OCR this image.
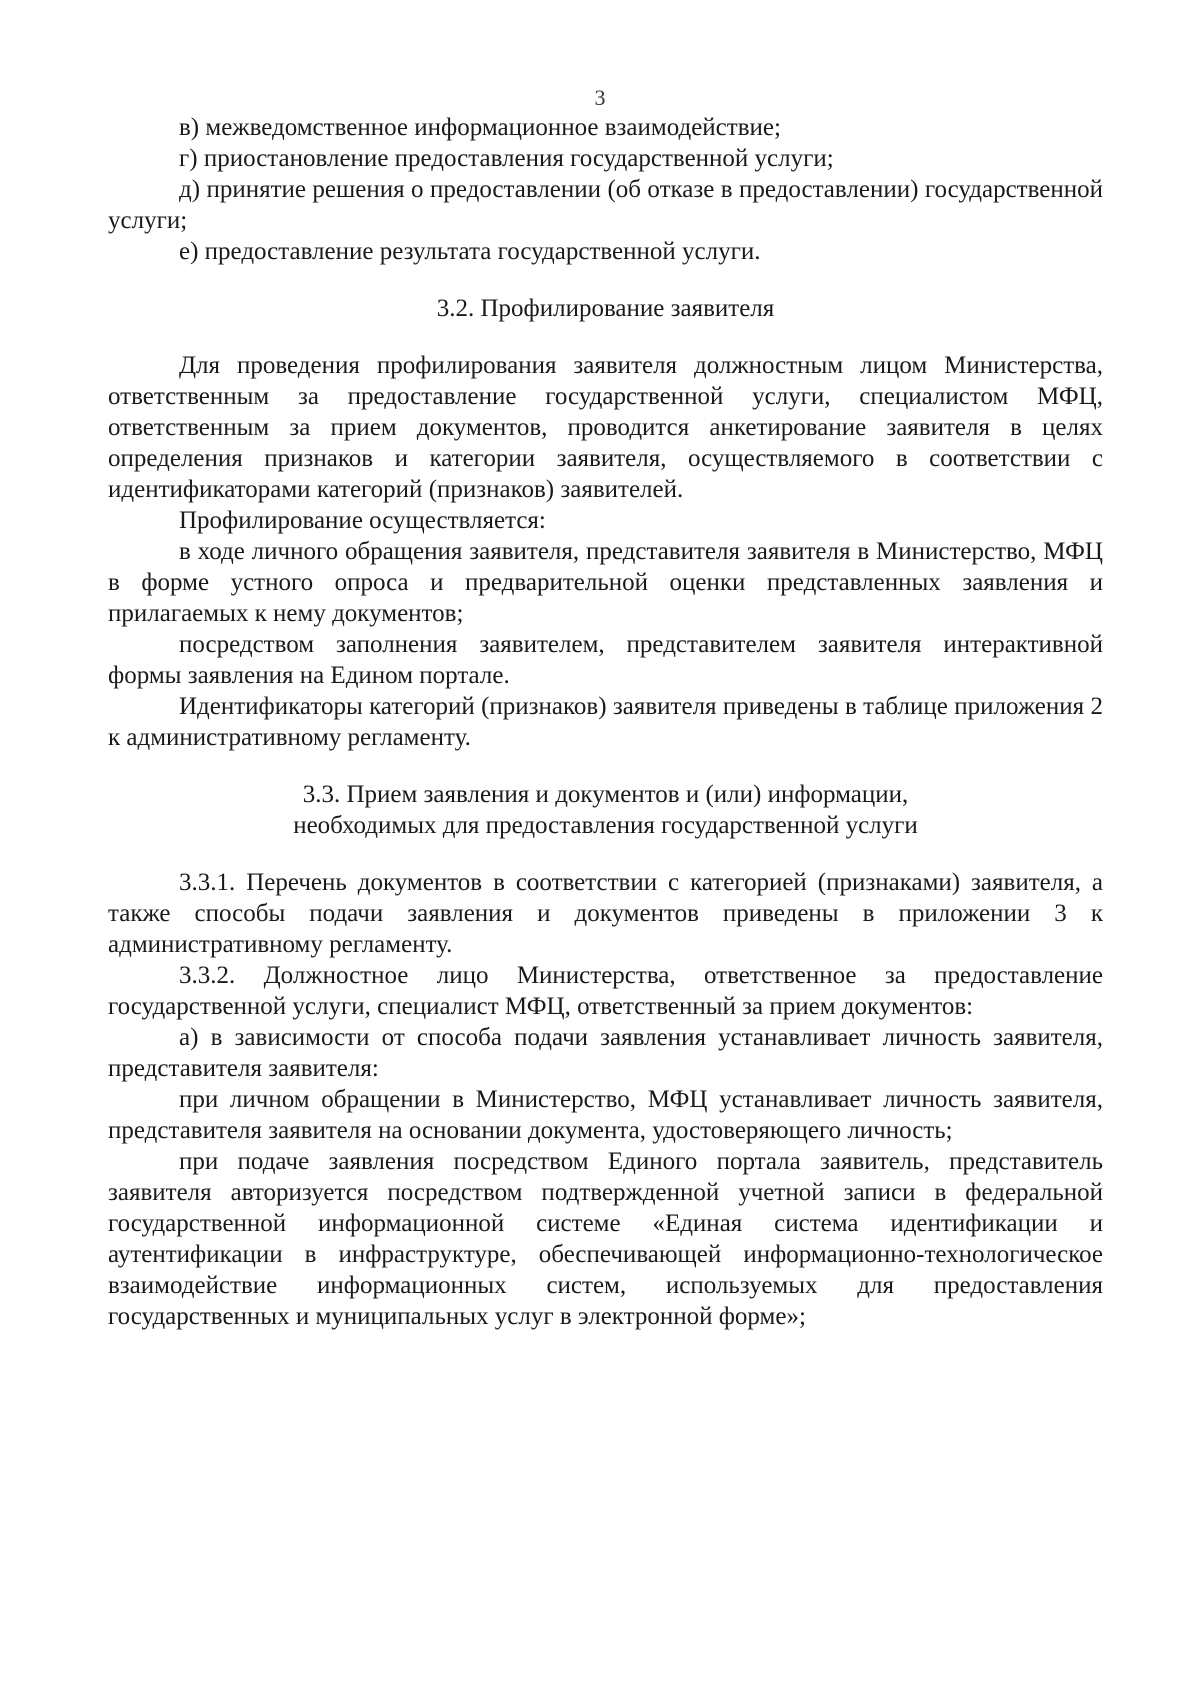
3

в) межведомственное информационное взаимодействие;

г) приостановление предоставления государственной услуги;

д) принятие решения о предоставлении (об отказе в предоставлении) государственной услуги;

е) предоставление результата государственной услуги.

3.2. Профилирование заявителя

Для проведения профилирования заявителя должностным лицом Министерства, ответственным за предоставление государственной услуги, специалистом МФЦ, ответственным за прием документов, проводится анкетирование заявителя в целях определения признаков и категории заявителя, осуществляемого в соответствии с идентификаторами категорий (признаков) заявителей.

Профилирование осуществляется:

в ходе личного обращения заявителя, представителя заявителя в Министерство, МФЦ в форме устного опроса и предварительной оценки представленных заявления и прилагаемых к нему документов;

посредством заполнения заявителем, представителем заявителя интерактивной формы заявления на Едином портале.

Идентификаторы категорий (признаков) заявителя приведены в таблице приложения 2 к административному регламенту.

3.3. Прием заявления и документов и (или) информации,

необходимых для предоставления государственной услуги

3.3.1. Перечень документов в соответствии с категорией (признаками) заявителя, а также способы подачи заявления и документов приведены в приложении 3 к административному регламенту.

3.3.2. Должностное лицо Министерства, ответственное за предоставление государственной услуги, специалист МФЦ, ответственный за прием документов:

а) в зависимости от способа подачи заявления устанавливает личность заявителя, представителя заявителя:

при личном обращении в Министерство, МФЦ устанавливает личность заявителя, представителя заявителя на основании документа, удостоверяющего личность;

при подаче заявления посредством Единого портала заявитель, представитель заявителя авторизуется посредством подтвержденной учетной записи в федеральной государственной информационной системе «Единая система идентификации и аутентификации в инфраструктуре, обеспечивающей информационно-технологическое взаимодействие информационных систем, используемых для предоставления государственных и муниципальных услуг в электронной форме»;
